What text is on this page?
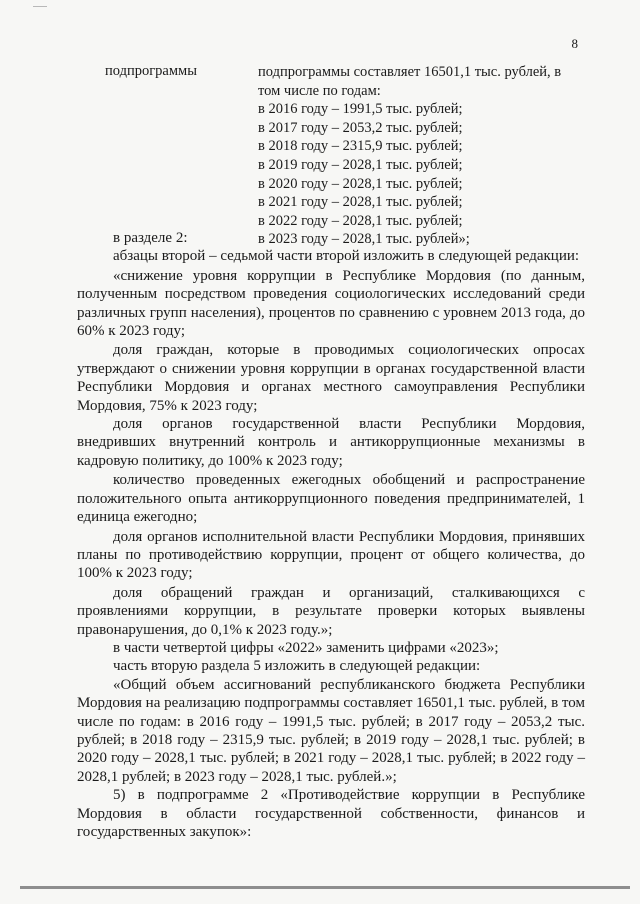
8
подпрограммы	подпрограммы составляет 16501,1 тыс. рублей, в
том числе по годам:
в 2016 году – 1991,5 тыс. рублей;
в 2017 году – 2053,2 тыс. рублей;
в 2018 году – 2315,9 тыс. рублей;
в 2019 году – 2028,1 тыс. рублей;
в 2020 году – 2028,1 тыс. рублей;
в 2021 году – 2028,1 тыс. рублей;
в 2022 году – 2028,1 тыс. рублей;
в 2023 году – 2028,1 тыс. рублей»;

в разделе 2:

абзацы второй – седьмой части второй изложить в следующей редакции:

«снижение уровня коррупции в Республике Мордовия (по данным, полученным посредством проведения социологических исследований среди различных групп населения), процентов по сравнению с уровнем 2013 года, до 60% к 2023 году;

доля граждан, которые в проводимых социологических опросах утверждают о снижении уровня коррупции в органах государственной власти Республики Мордовия и органах местного самоуправления Республики Мордовия, 75% к 2023 году;

доля органов государственной власти Республики Мордовия, внедривших внутренний контроль и антикоррупционные механизмы в кадровую политику, до 100% к 2023 году;

количество проведенных ежегодных обобщений и распространение положительного опыта антикоррупционного поведения предпринимателей, 1 единица ежегодно;

доля органов исполнительной власти Республики Мордовия, принявших планы по противодействию коррупции, процент от общего количества, до 100% к 2023 году;

доля обращений граждан и организаций, сталкивающихся с проявлениями коррупции, в результате проверки которых выявлены правонарушения, до 0,1% к 2023 году.»;

в части четвертой цифры «2022» заменить цифрами «2023»;

часть вторую раздела 5 изложить в следующей редакции:

«Общий объем ассигнований республиканского бюджета Республики Мордовия на реализацию подпрограммы составляет 16501,1 тыс. рублей, в том числе по годам: в 2016 году – 1991,5 тыс. рублей; в 2017 году – 2053,2 тыс. рублей; в 2018 году – 2315,9 тыс. рублей; в 2019 году – 2028,1 тыс. рублей; в 2020 году – 2028,1 тыс. рублей; в 2021 году – 2028,1 тыс. рублей; в 2022 году – 2028,1 рублей; в 2023 году – 2028,1 тыс. рублей.»;

5) в подпрограмме 2 «Противодействие коррупции в Республике Мордовия в области государственной собственности, финансов и государственных закупок»:
